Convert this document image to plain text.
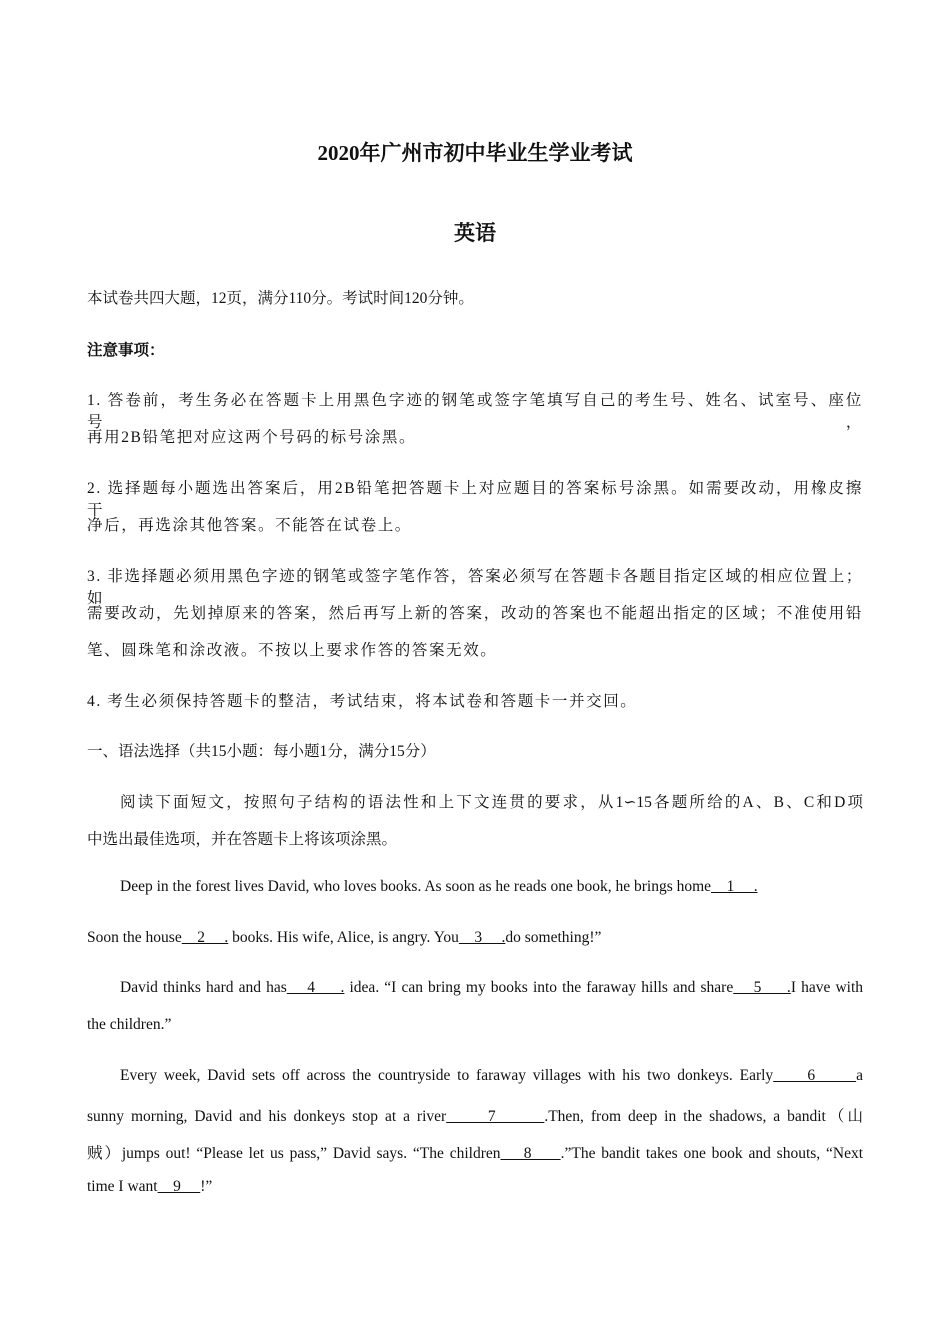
2020年广州市初中毕业生学业考试
英语
本试卷共四大题，12页，满分110分。考试时间120分钟。
注意事项：
1. 答卷前，考生务必在答题卡上用黑色字迹的钢笔或签字笔填写自己的考生号、姓名、试室号、座位号，
再用2B铅笔把对应这两个号码的标号涂黑。
2. 选择题每小题选出答案后，用2B铅笔把答题卡上对应题目的答案标号涂黑。如需要改动，用橡皮擦干
净后，再选涂其他答案。不能答在试卷上。
3. 非选择题必须用黑色字迹的钢笔或签字笔作答，答案必须写在答题卡各题目指定区域的相应位置上；如
需要改动，先划掉原来的答案，然后再写上新的答案，改动的答案也不能超出指定的区域；不准使用铅
笔、圆珠笔和涂改液。不按以上要求作答的答案无效。
4. 考生必须保持答题卡的整洁，考试结束，将本试卷和答题卡一并交回。
一、语法选择（共15小题：每小题1分，满分15分）
阅读下面短文，按照句子结构的语法性和上下文连贯的要求，从1∽15各题所给的A、B、C和D项
中选出最佳选项，并在答题卡上将该项涂黑。
Deep in the forest lives David, who loves books. As soon as he reads one book, he brings home    1     .
Soon the house    2     . books. His wife, Alice, is angry. You    3     .do something!”
David thinks hard and has    4     . idea. “I can bring my books into the faraway hills and share    5     .I have with
the children.”
Every week, David sets off across the countryside to faraway villages with his two donkeys. Early     6      a
sunny morning, David and his donkeys stop at a river      7       .Then, from deep in the shadows, a bandit（山
贼）jumps out! “Please let us pass,” David says. “The children    8     .”The bandit takes one book and shouts, “Next
time I want    9     !”
